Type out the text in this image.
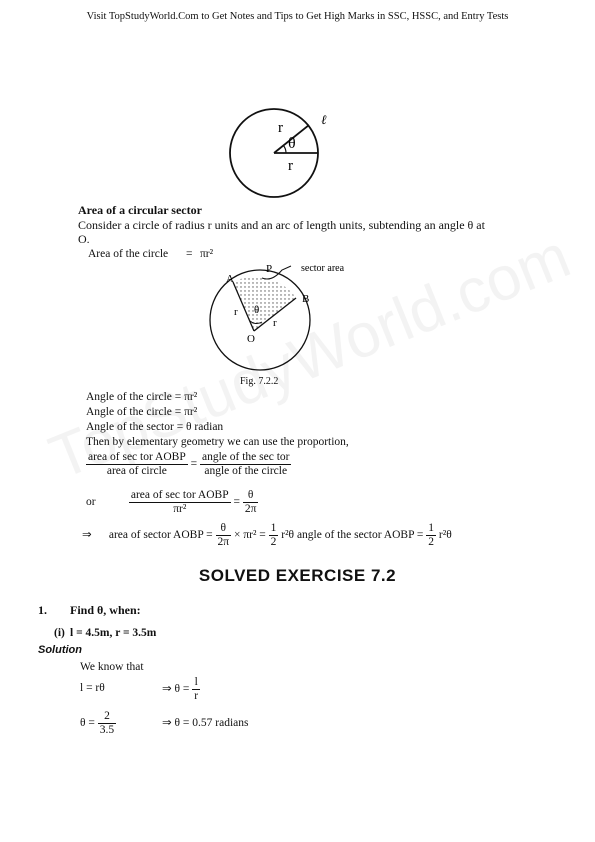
Visit TopStudyWorld.Com to Get Notes and Tips to Get High Marks in SSC, HSSC, and Entry Tests
r
θ
r
ℓ
Area of a circular sector
Consider a circle of radius r units and an arc of length units, subtending an angle θ at
O.
Area of the circle = πr²
P
A
B
O
r
r
θ
sector area
Fig. 7.2.2
Angle of the circle = πr²
Angle of the circle = πr²
Angle of the sector = θ radian
Then by elementary geometry we can use the proportion,
$\frac{\text{area of sec tor AOBP}}{\text{area of circle}} = \frac{\text{angle of the sec tor}}{\text{angle of the circle}}$
or	$\frac{\text{area of sec tor AOBP}}{\text{πr²}} = \frac{\theta}{2\pi}$
⇒ area of sector AOBP = $\frac{\theta}{2\pi} \times \pi r^2 = \frac{1}{2} r^2\theta$ angle of the sector AOBP = $\frac{1}{2} r^2\theta$
SOLVED EXERCISE 7.2
1. Find θ, when:
(i) l = 4.5m, r = 3.5m
Solution
We know that
l = rθ	⇒ $\theta = \frac{l}{r}$
$\theta = \frac{2}{3.5}$	⇒ θ = 0.57 radians
